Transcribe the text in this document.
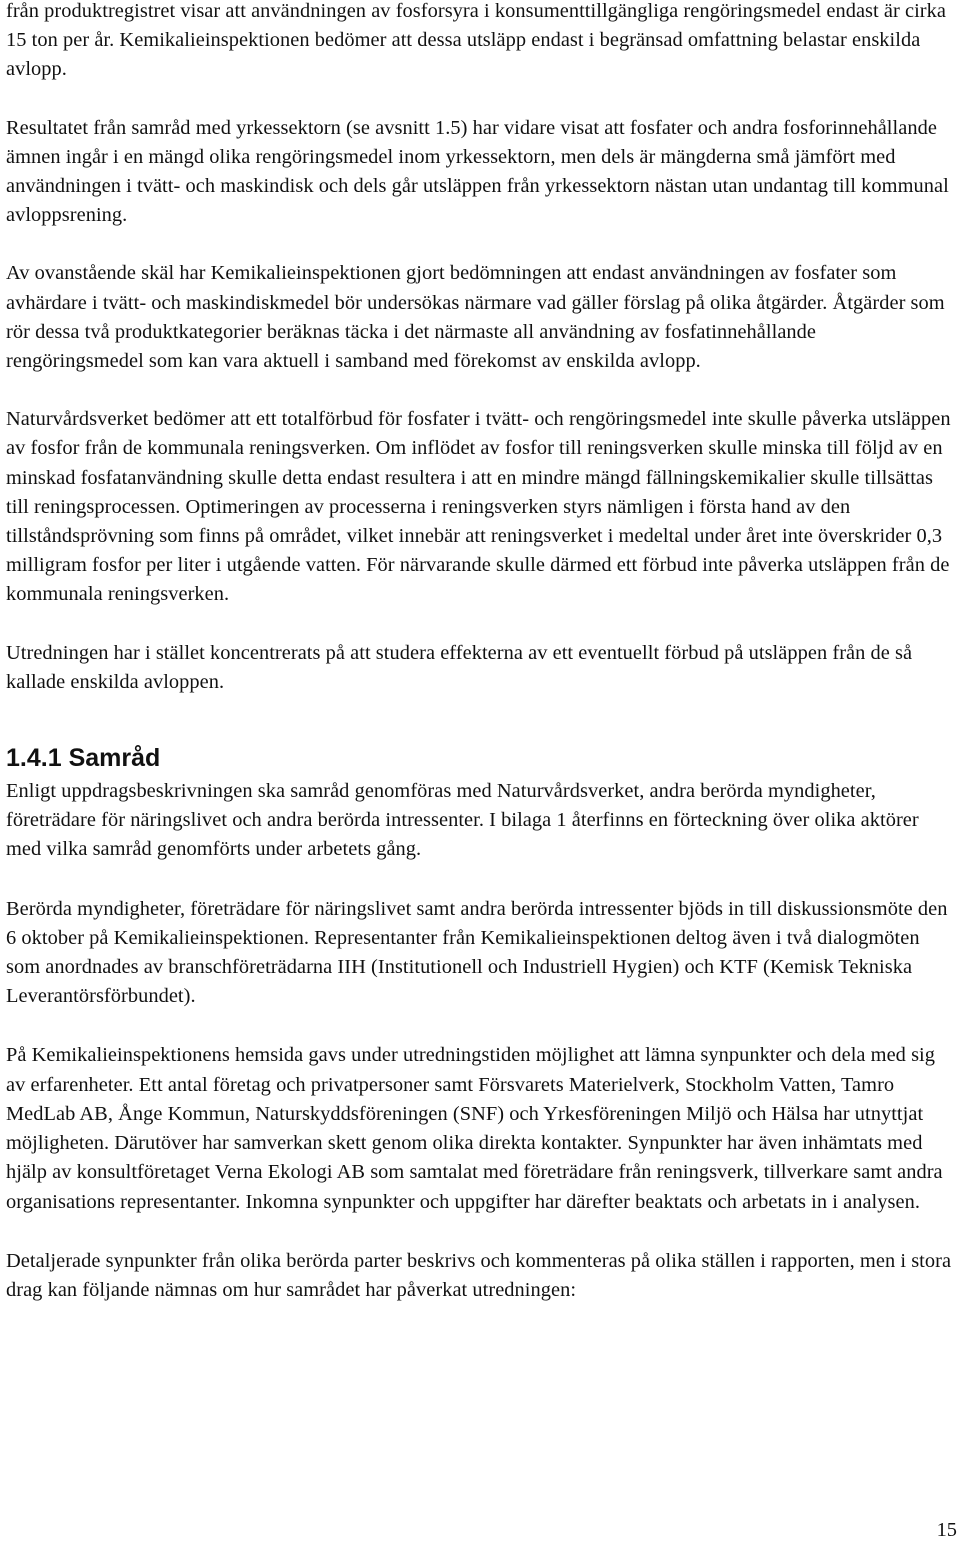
från produktregistret visar att användningen av fosforsyra i konsumenttillgängliga rengöringsmedel endast är cirka 15 ton per år. Kemikalieinspektionen bedömer att dessa utsläpp endast i begränsad omfattning belastar enskilda avlopp.

Resultatet från samråd med yrkessektorn (se avsnitt 1.5) har vidare visat att fosfater och andra fosforinnehållande ämnen ingår i en mängd olika rengöringsmedel inom yrkessektorn, men dels är mängderna små jämfört med användningen i tvätt- och maskindisk och dels går utsläppen från yrkessektorn nästan utan undantag till kommunal avloppsrening.

Av ovanstående skäl har Kemikalieinspektionen gjort bedömningen att endast användningen av fosfater som avhärdare i tvätt- och maskindiskmedel bör undersökas närmare vad gäller förslag på olika åtgärder. Åtgärder som rör dessa två produktkategorier beräknas täcka i det närmaste all användning av fosfatinnehållande rengöringsmedel som kan vara aktuell i samband med förekomst av enskilda avlopp.

Naturvårdsverket bedömer att ett totalförbud för fosfater i tvätt- och rengöringsmedel inte skulle påverka utsläppen av fosfor från de kommunala reningsverken. Om inflödet av fosfor till reningsverken skulle minska till följd av en minskad fosfatanvändning skulle detta endast resultera i att en mindre mängd fällningskemikalier skulle tillsättas till reningsprocessen. Optimeringen av processerna i reningsverken styrs nämligen i första hand av den tillståndsprövning som finns på området, vilket innebär att reningsverket i medeltal under året inte överskrider 0,3 milligram fosfor per liter i utgående vatten. För närvarande skulle därmed ett förbud inte påverka utsläppen från de kommunala reningsverken.

Utredningen har i stället koncentrerats på att studera effekterna av ett eventuellt förbud på utsläppen från de så kallade enskilda avloppen.

1.4.1 Samråd

Enligt uppdragsbeskrivningen ska samråd genomföras med Naturvårdsverket, andra berörda myndigheter, företrädare för näringslivet och andra berörda intressenter. I bilaga 1 återfinns en förteckning över olika aktörer med vilka samråd genomförts under arbetets gång.

Berörda myndigheter, företrädare för näringslivet samt andra berörda intressenter bjöds in till diskussionsmöte den 6 oktober på Kemikalieinspektionen. Representanter från Kemikalieinspektionen deltog även i två dialogmöten som anordnades av branschföreträdarna IIH (Institutionell och Industriell Hygien) och KTF (Kemisk Tekniska Leverantörsförbundet).

På Kemikalieinspektionens hemsida gavs under utredningstiden möjlighet att lämna synpunkter och dela med sig av erfarenheter. Ett antal företag och privatpersoner samt Försvarets Materielverk, Stockholm Vatten, Tamro MedLab AB, Ånge Kommun, Naturskyddsföreningen (SNF) och Yrkesföreningen Miljö och Hälsa har utnyttjat möjligheten. Därutöver har samverkan skett genom olika direkta kontakter. Synpunkter har även inhämtats med hjälp av konsultföretaget Verna Ekologi AB som samtalat med företrädare från reningsverk, tillverkare samt andra organisations representanter. Inkomna synpunkter och uppgifter har därefter beaktats och arbetats in i analysen.

Detaljerade synpunkter från olika berörda parter beskrivs och kommenteras på olika ställen i rapporten, men i stora drag kan följande nämnas om hur samrådet har påverkat utredningen:

15
